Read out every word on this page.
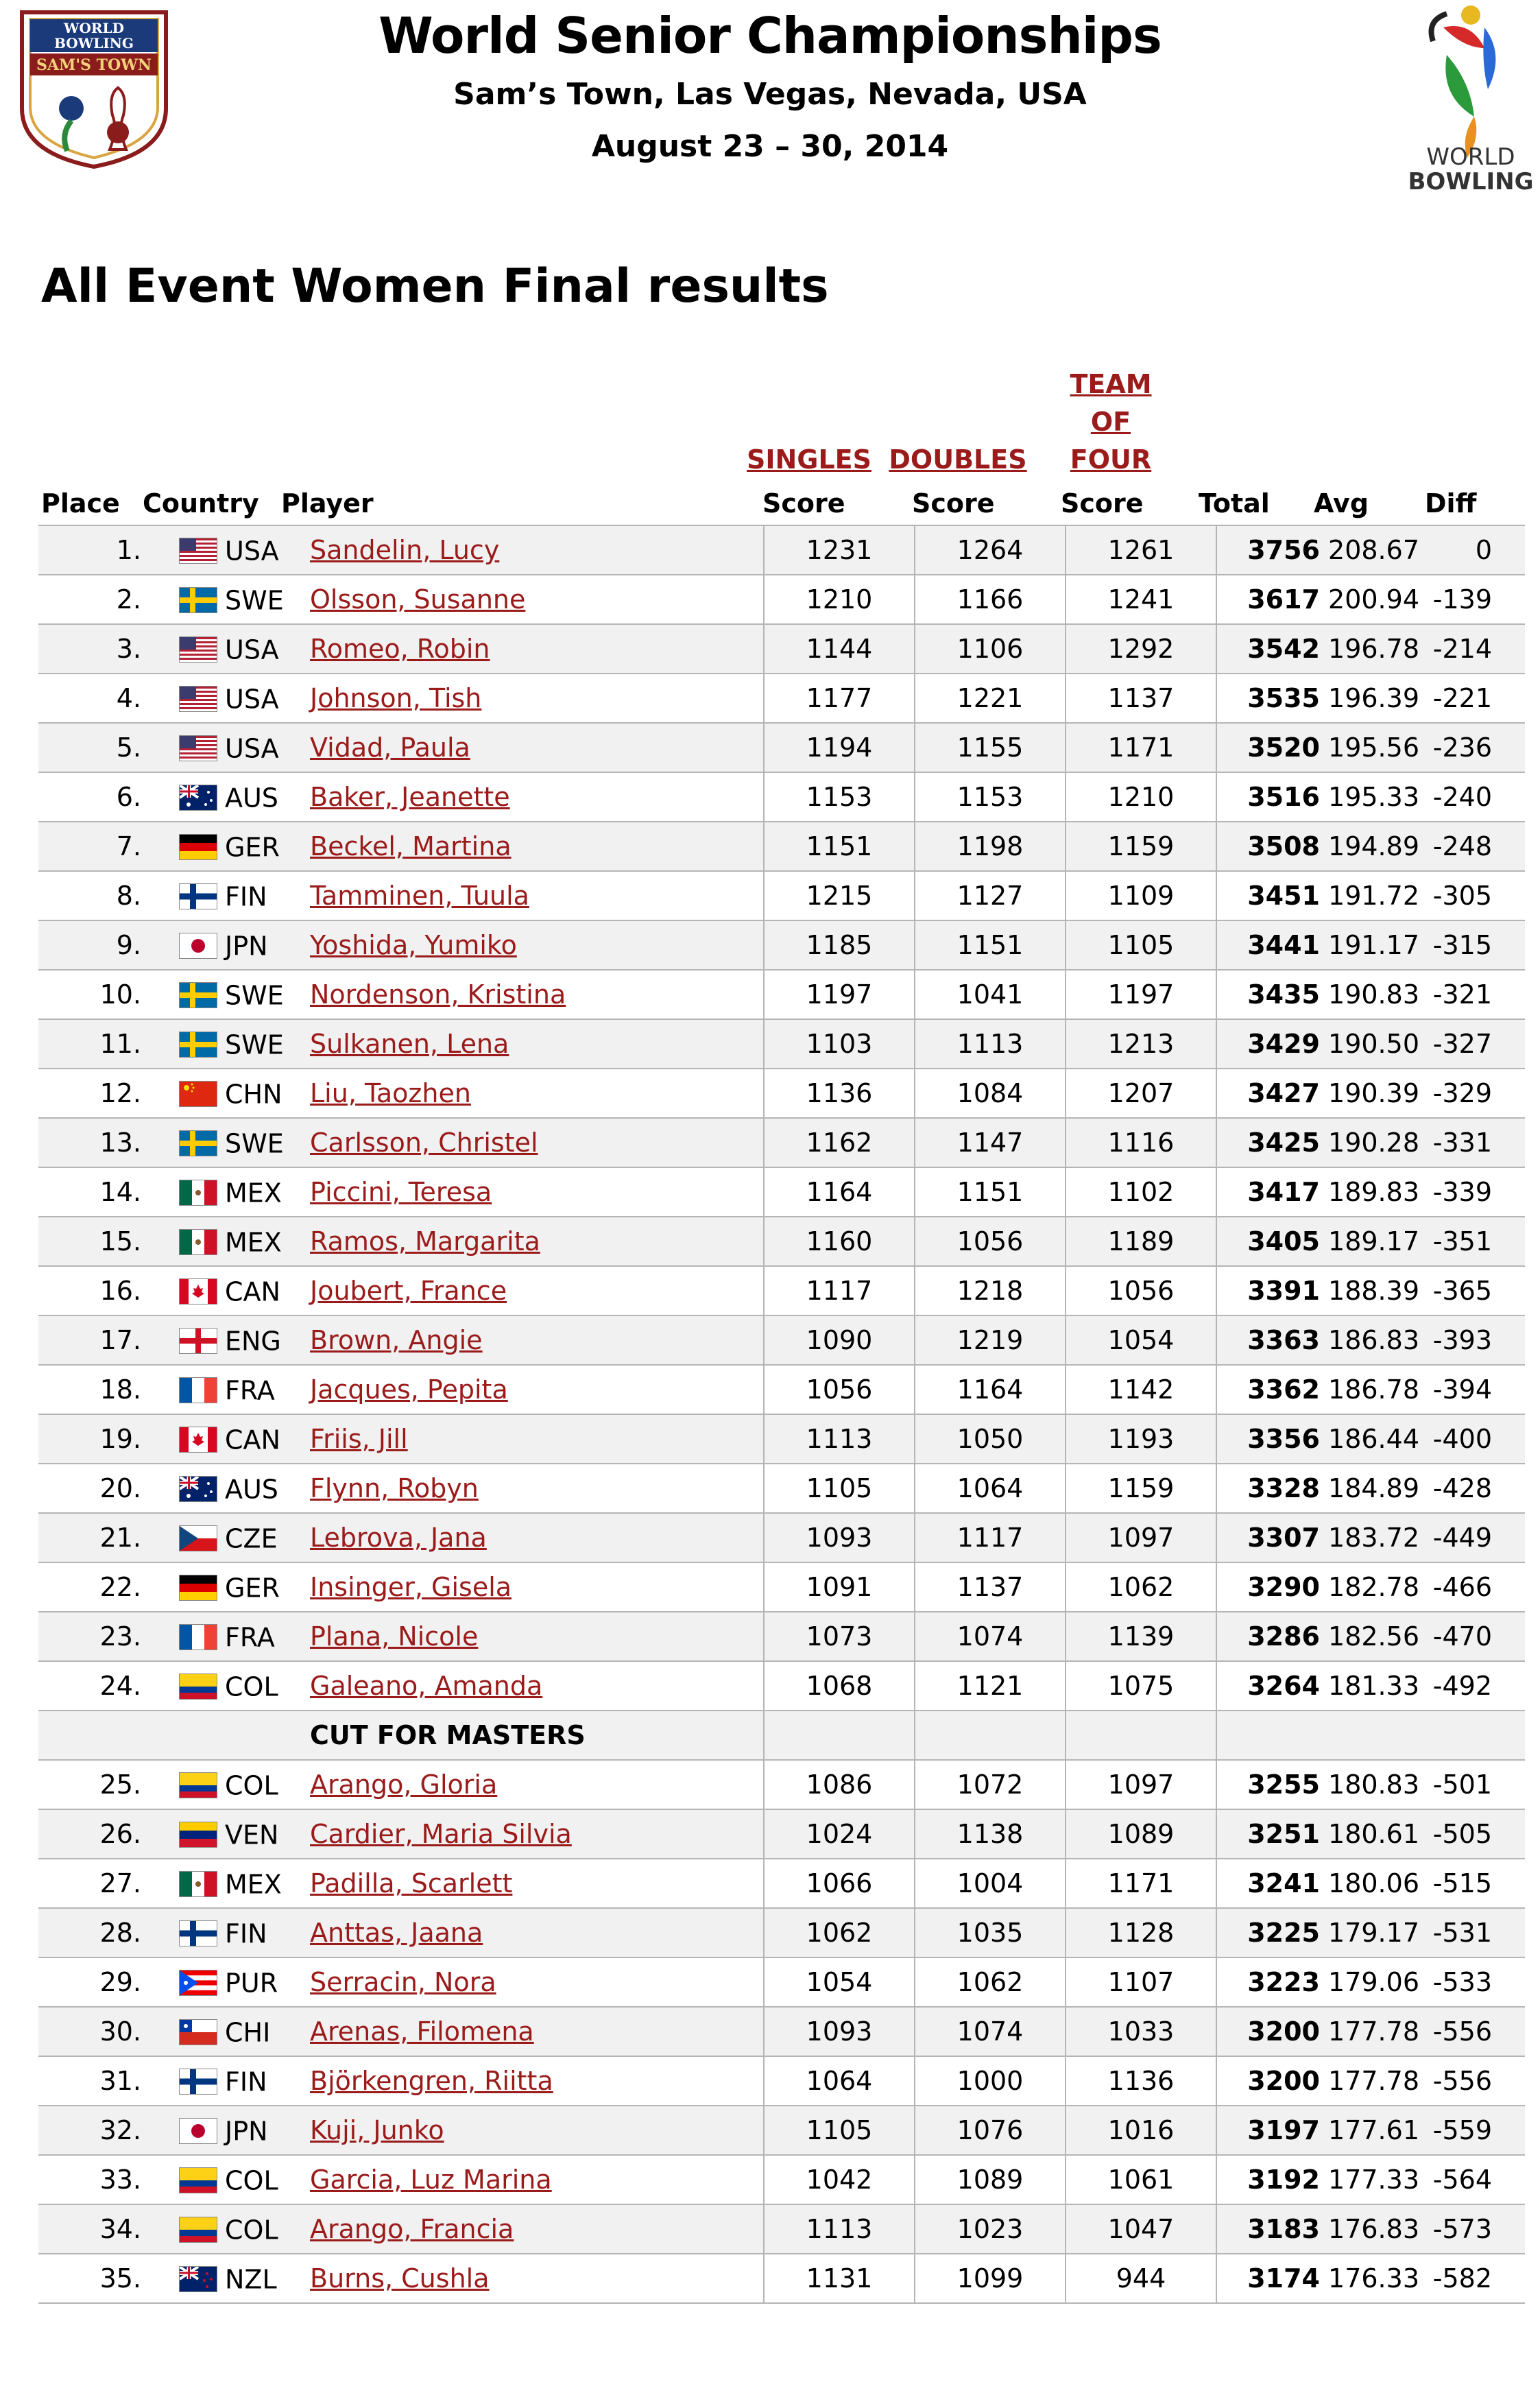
WORLD
BOWLING
SAM'S TOWN
World Senior Championships
Sam’s Town, Las Vegas, Nevada, USA
August 23 – 30, 2014	WORLD
BOWLING
All Event Women Final results
SINGLES DOUBLES
TEAM
OF
FOUR
Place Country Player	Score	Score	Score Total Avg Diff
1.	USA	Sandelin, Lucy	1231	1264	1261	3756	208.67	0
2.	SWE	Olsson, Susanne	1210	1166	1241	3617	200.94	-139
3.	USA	Romeo, Robin	1144	1106	1292	3542	196.78	-214
4.	USA	Johnson, Tish	1177	1221	1137	3535	196.39	-221
5.	USA	Vidad, Paula	1194	1155	1171	3520	195.56	-236
6.	AUS	Baker, Jeanette	1153	1153	1210	3516	195.33	-240
7.	GER	Beckel, Martina	1151	1198	1159	3508	194.89	-248
8.	FIN	Tamminen, Tuula	1215	1127	1109	3451	191.72	-305
9.	JPN	Yoshida, Yumiko	1185	1151	1105	3441	191.17	-315
10.	SWE	Nordenson, Kristina	1197	1041	1197	3435	190.83	-321
11.	SWE	Sulkanen, Lena	1103	1113	1213	3429	190.50	-327
12.	CHN	Liu, Taozhen	1136	1084	1207	3427	190.39	-329
13.	SWE	Carlsson, Christel	1162	1147	1116	3425	190.28	-331
14.	MEX	Piccini, Teresa	1164	1151	1102	3417	189.83	-339
15.	MEX	Ramos, Margarita	1160	1056	1189	3405	189.17	-351
16.	CAN	Joubert, France	1117	1218	1056	3391	188.39	-365
17.	ENG	Brown, Angie	1090	1219	1054	3363	186.83	-393
18.	FRA	Jacques, Pepita	1056	1164	1142	3362	186.78	-394
19.	CAN	Friis, Jill	1113	1050	1193	3356	186.44	-400
20.	AUS	Flynn, Robyn	1105	1064	1159	3328	184.89	-428
21.	CZE	Lebrova, Jana	1093	1117	1097	3307	183.72	-449
22.	GER	Insinger, Gisela	1091	1137	1062	3290	182.78	-466
23.	FRA	Plana, Nicole	1073	1074	1139	3286	182.56	-470
24.	COL	Galeano, Amanda	1068	1121	1075	3264	181.33	-492
		CUT FOR MASTERS						
25.	COL	Arango, Gloria	1086	1072	1097	3255	180.83	-501
26.	VEN	Cardier, Maria Silvia	1024	1138	1089	3251	180.61	-505
27.	MEX	Padilla, Scarlett	1066	1004	1171	3241	180.06	-515
28.	FIN	Anttas, Jaana	1062	1035	1128	3225	179.17	-531
29.	PUR	Serracin, Nora	1054	1062	1107	3223	179.06	-533
30.	CHI	Arenas, Filomena	1093	1074	1033	3200	177.78	-556
31.	FIN	Björkengren, Riitta	1064	1000	1136	3200	177.78	-556
32.	JPN	Kuji, Junko	1105	1076	1016	3197	177.61	-559
33.	COL	Garcia, Luz Marina	1042	1089	1061	3192	177.33	-564
34.	COL	Arango, Francia	1113	1023	1047	3183	176.83	-573
35.	NZL	Burns, Cushla	1131	1099	944	3174	176.33	-582
